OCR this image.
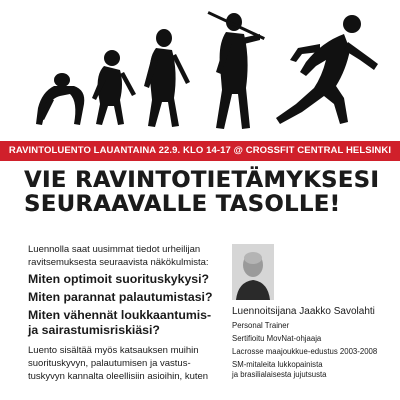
RAVINTOLUENTO LAUANTAINA 22.9. KLO 14-17 @ CROSSFIT CENTRAL HELSINKI
VIE RAVINTOTIETÄMYKSESI
SEURAAVALLE TASOLLE!
Luennolla saat uusimmat tiedot urheilijan ravitsemuksesta seuraavista näkökulmista:
Miten optimoit suorituskykysi?
Miten parannat palautumistasi?
Miten vähennät loukkaantumis-
ja sairastumisriskiäsi?
Luento sisältää myös katsauksen muihin
suorituskyvyn, palautumisen ja vastus-
tuskyvyn kannalta oleellisiin asioihin, kuten
Luennoitsijana Jaakko Savolahti
Personal Trainer
Sertifioitu MovNat-ohjaaja
Lacrosse maajoukkue-edustus 2003-2008
SM-mitaleita lukkopainista
ja brasilialaisesta jujutsusta
